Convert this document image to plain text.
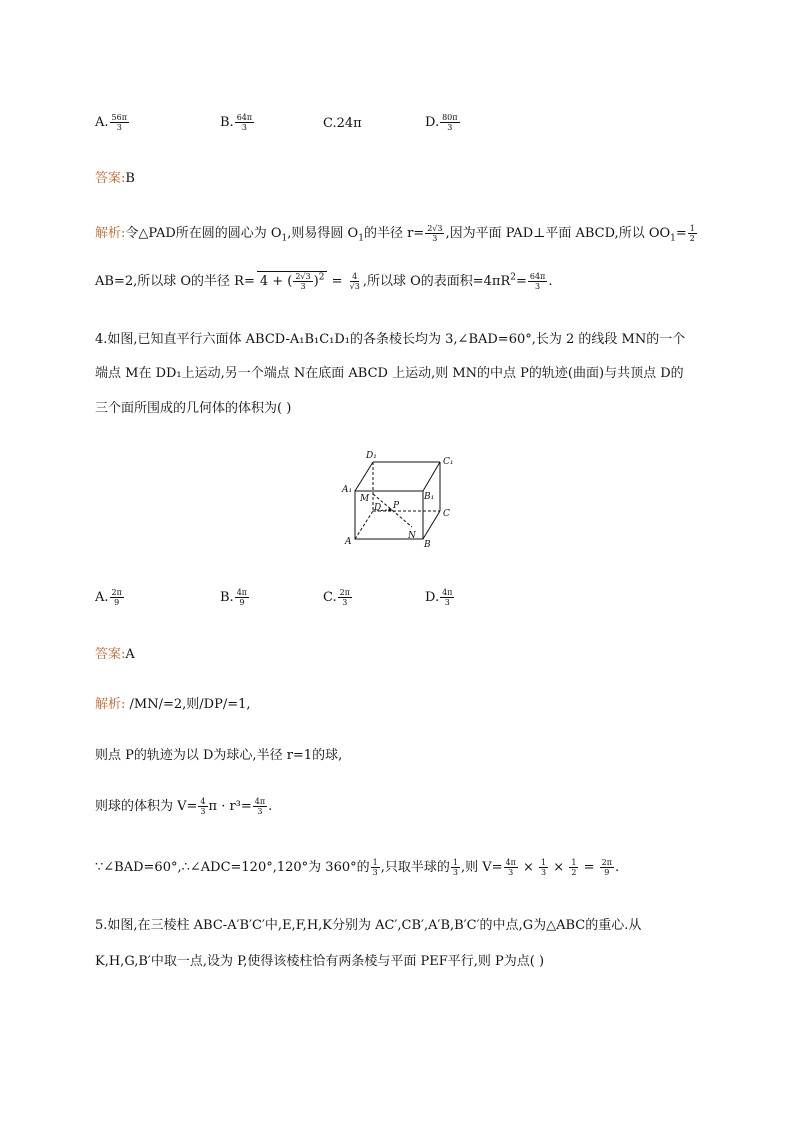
A. $\frac{56\pi}{3}$	B. $\frac{64\pi}{3}$	C.24π	D. $\frac{80\pi}{3}$
答案:B
解析:令△PAD所在圆的圆心为 $O_1$,则易得圆 $O_1$的半径 $r= \frac{2√3}{3}$ ,因为平面 PAD⊥平面 ABCD,所以 $OO_1= \frac{1}{2}$
AB=2,所以球 O的半径 R= 4 + ( $\frac{2√3}{3} )^2 = \frac{4}{√3}$ ,所以球 O的表面积$=4\pi R^2= \frac{64\pi}{3}$ .
4.如图,已知直平行六面体 ABCD-A₁B₁C₁D₁的各条棱长均为 3,∠BAD=60°,长为 2 的线段 MN的一个
端点 M在 DD₁上运动,另一个端点 N在底面 ABCD 上运动,则 MN的中点 P的轨迹(曲面)与共顶点 D的
三个面所围成的几何体的体积为( )
D₁
C₁
A₁
B₁
M
P
D
C
A	B
N
A. $\frac{2\pi}{9}$	B. $\frac{4\pi}{9}$	C. $\frac{2\pi}{3}$	D. $\frac{4\pi}{3}$
答案:A
解析: /MN/=2,则/DP/=1,
则点 P的轨迹为以 D为球心,半径 r=1的球,
则球的体积为 $V= \frac{4}{3}$ $\pi \cdot r^3= \frac{4\pi}{3}$ .
∵∠BAD=60°,∴∠ADC=120°,120°为 360°的 $\frac{1}{3}$ ,只取半球的 $\frac{1}{3}$ ,则 $V= \frac{4\pi}{3} \times \frac{1}{3} \times \frac{1}{2} = \frac{2\pi}{9}$ .
5.如图,在三棱柱 ABC-A′B′C′中,E,F,H,K分别为 AC′,CB′,A′B,B′C′的中点,G为△ABC的重心.从
K,H,G,B′中取一点,设为 P,使得该棱柱恰有两条棱与平面 PEF平行,则 P为点( )
